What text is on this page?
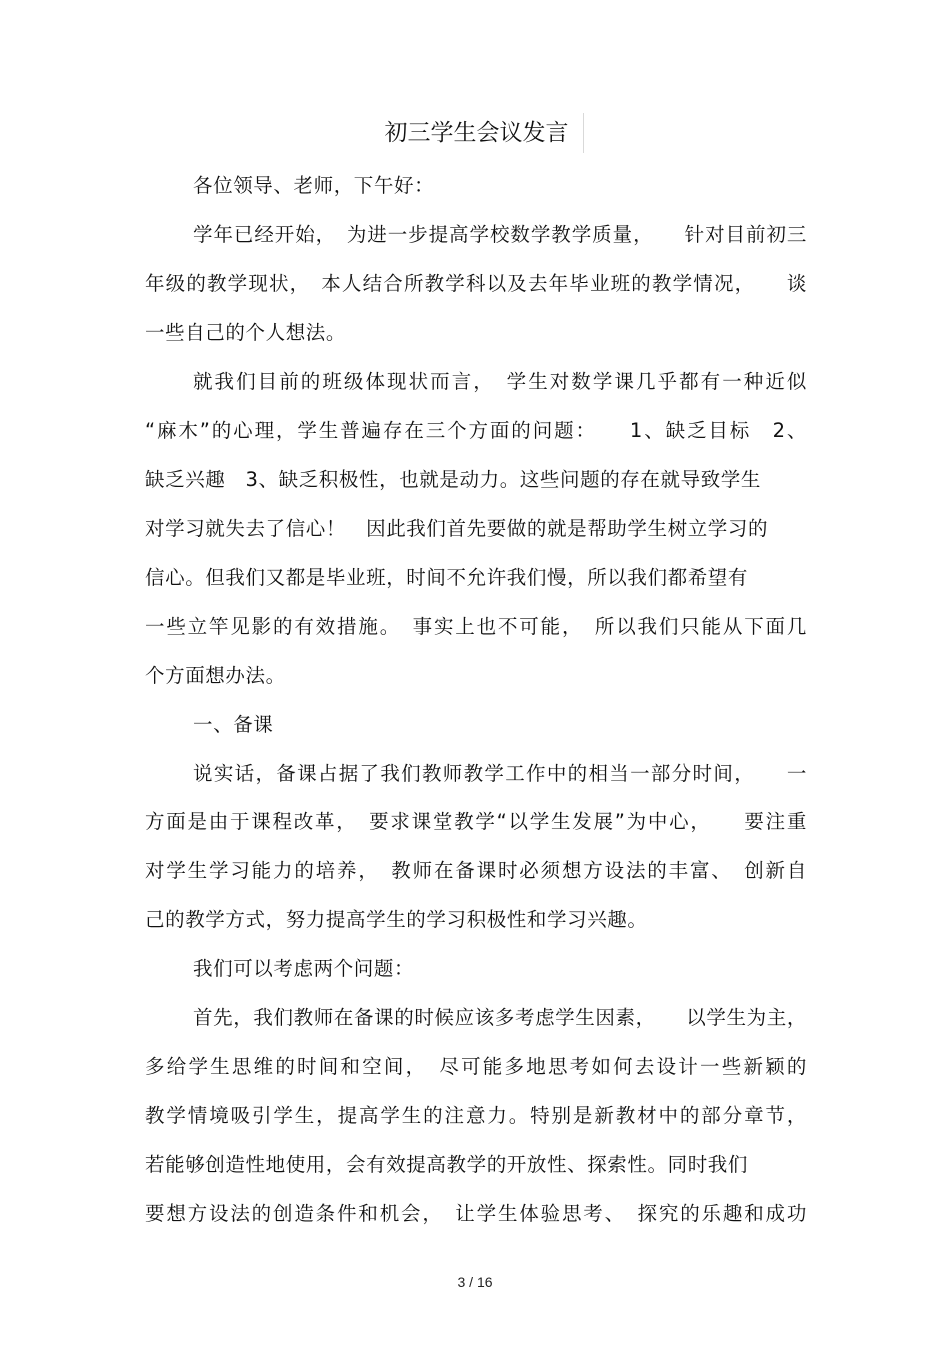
初三学生会议发言
各位领导、老师，下午好：
学年已经开始，　为进一步提高学校数学教学质量，　　针对目前初三
年级的教学现状，　本人结合所教学科以及去年毕业班的教学情况，　　谈
一些自己的个人想法。
就我们目前的班级体现状而言，　学生对数学课几乎都有一种近似
“麻木”的心理，学生普遍存在三个方面的问题：　　1、缺乏目标　2、
缺乏兴趣　3、缺乏积极性，也就是动力。这些问题的存在就导致学生
对学习就失去了信心！　因此我们首先要做的就是帮助学生树立学习的
信心。但我们又都是毕业班，时间不允许我们慢，所以我们都希望有
一些立竿见影的有效措施。　事实上也不可能，　所以我们只能从下面几
个方面想办法。
一、备课
说实话，备课占据了我们教师教学工作中的相当一部分时间，　　一
方面是由于课程改革，　要求课堂教学“以学生发展”为中心，　　要注重
对学生学习能力的培养，　教师在备课时必须想方设法的丰富、　创新自
己的教学方式，努力提高学生的学习积极性和学习兴趣。
我们可以考虑两个问题：
首先，我们教师在备课的时候应该多考虑学生因素，　　以学生为主，
多给学生思维的时间和空间，　尽可能多地思考如何去设计一些新颖的
教学情境吸引学生，提高学生的注意力。特别是新教材中的部分章节，
若能够创造性地使用，会有效提高教学的开放性、探索性。同时我们
要想方设法的创造条件和机会，　让学生体验思考、　探究的乐趣和成功
3 / 16
